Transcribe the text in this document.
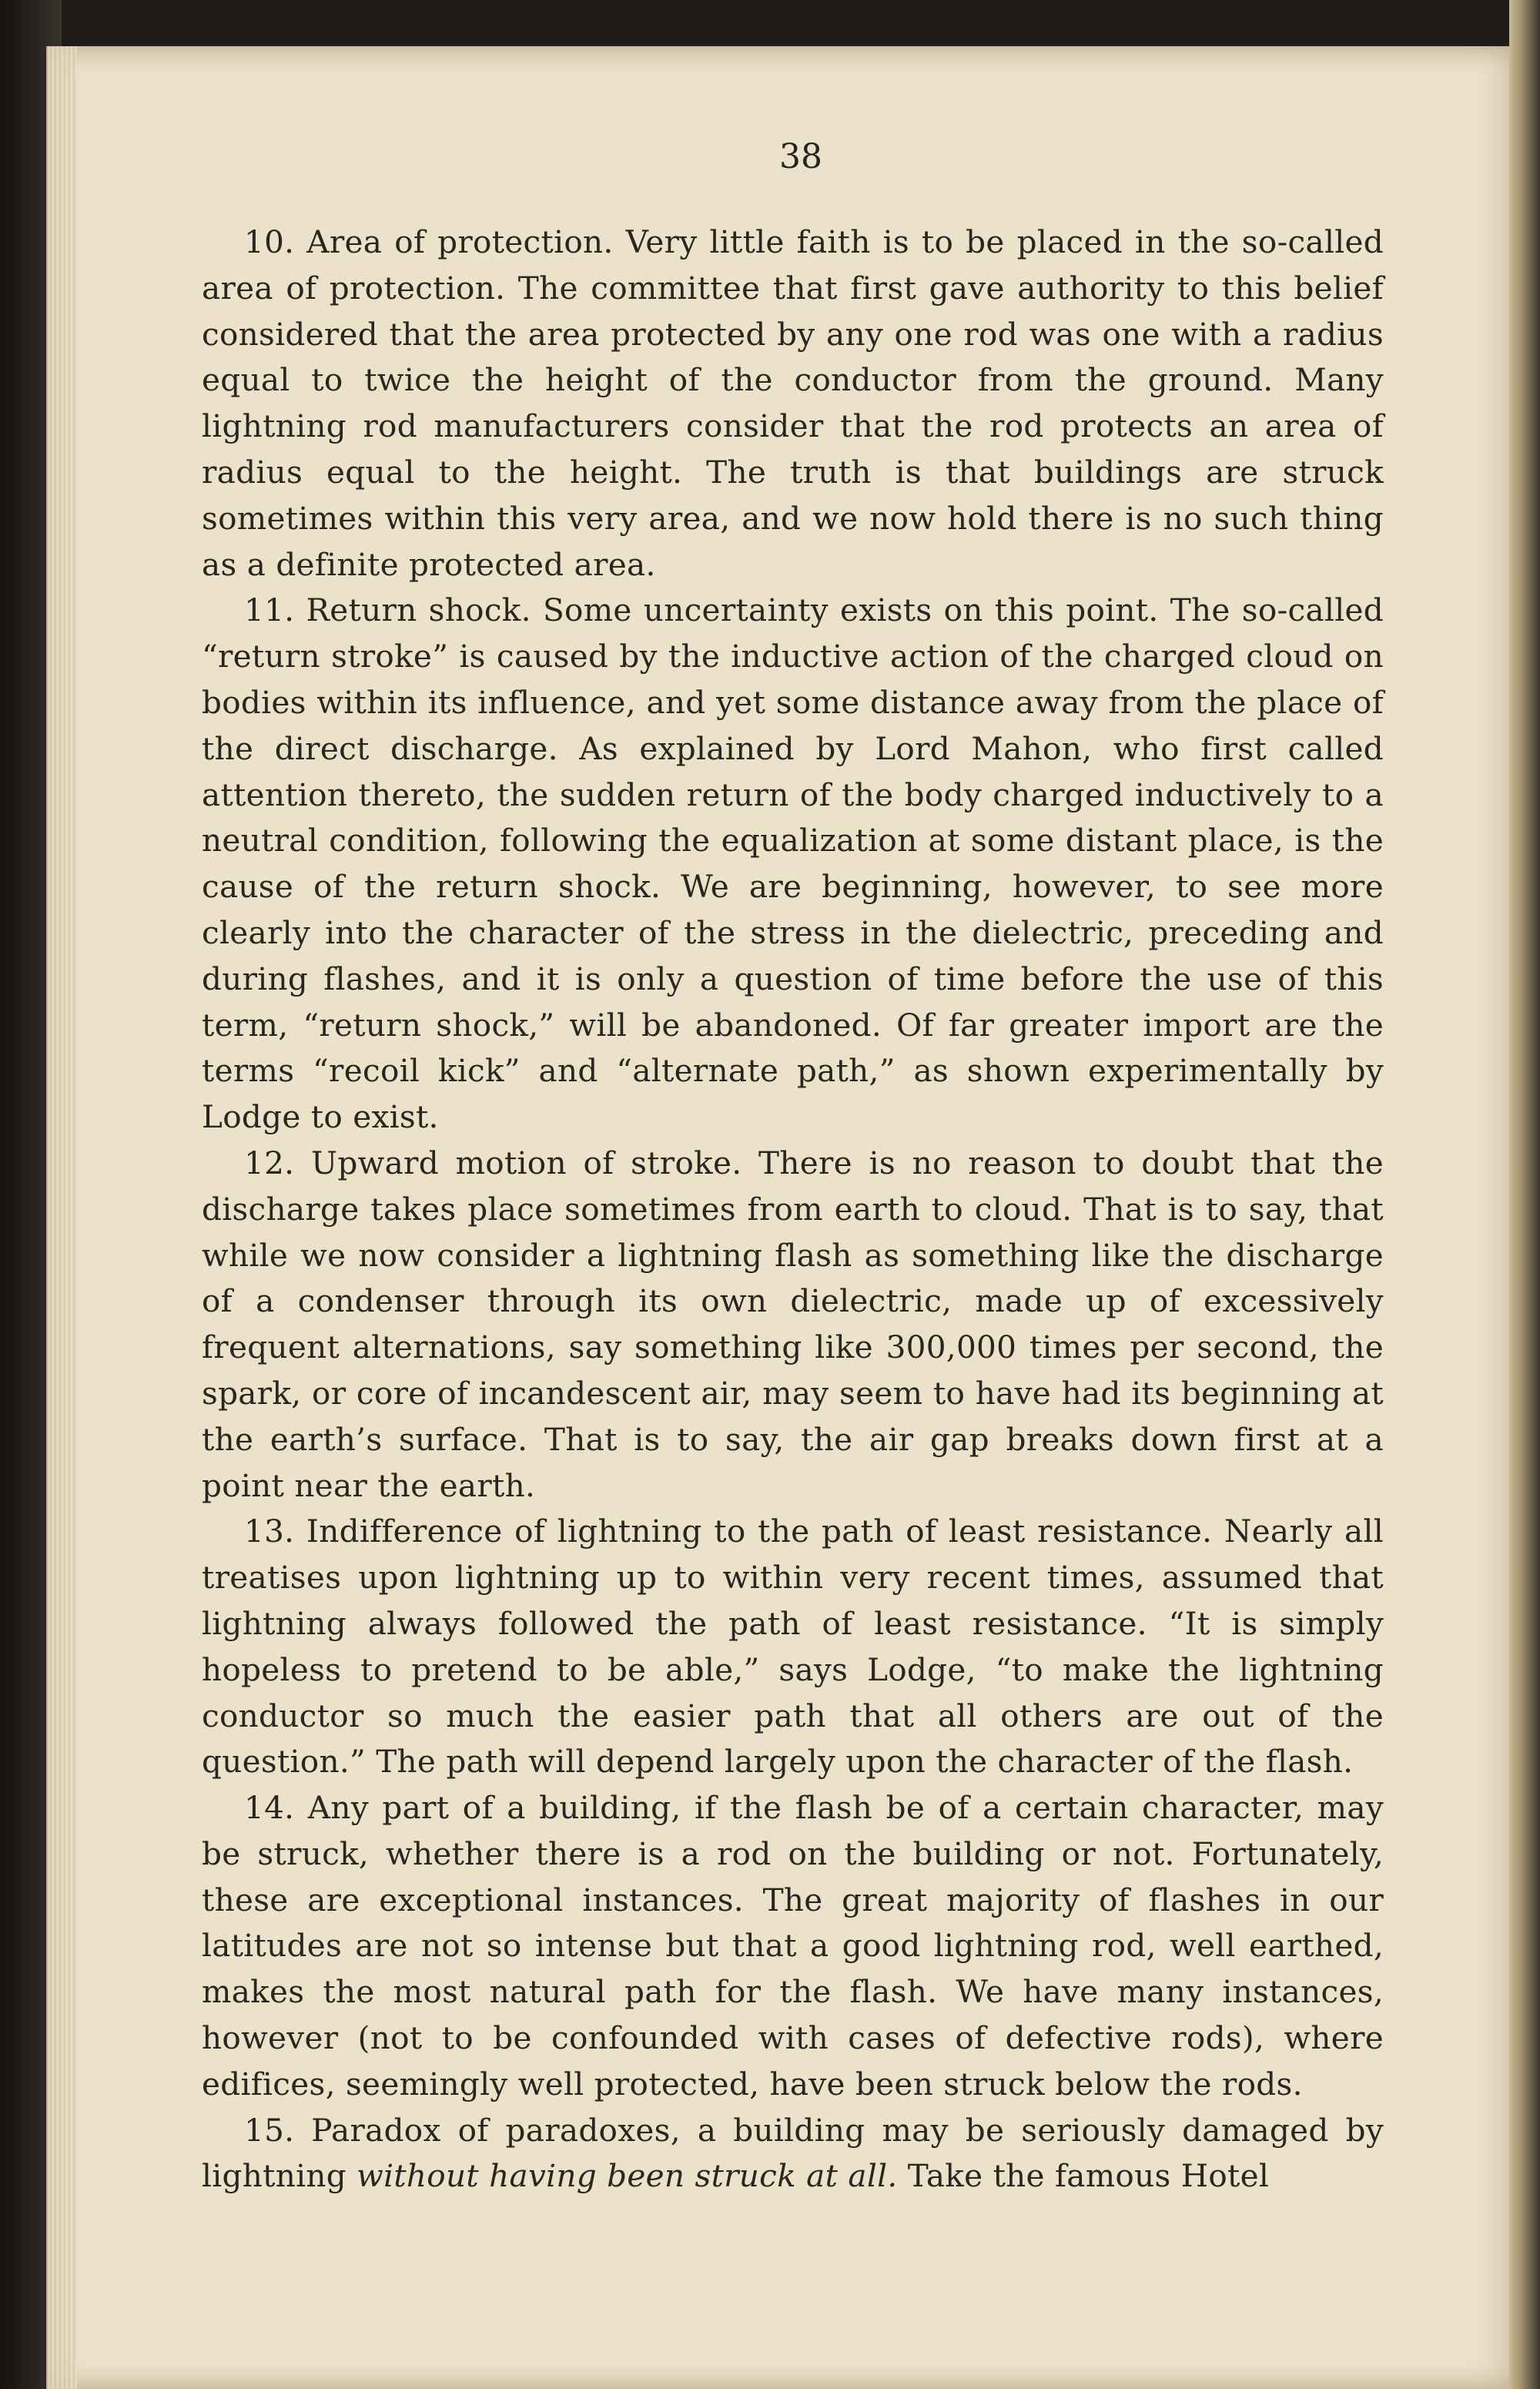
38

10. Area of protection. Very little faith is to be placed in the so-called area of protection. The committee that first gave authority to this belief considered that the area protected by any one rod was one with a radius equal to twice the height of the conductor from the ground. Many lightning rod manufacturers consider that the rod protects an area of radius equal to the height. The truth is that buildings are struck sometimes within this very area, and we now hold there is no such thing as a definite protected area.

11. Return shock. Some uncertainty exists on this point. The so-called “return stroke” is caused by the inductive action of the charged cloud on bodies within its influence, and yet some distance away from the place of the direct discharge. As explained by Lord Mahon, who first called attention thereto, the sudden return of the body charged inductively to a neutral condition, following the equalization at some distant place, is the cause of the return shock. We are beginning, however, to see more clearly into the character of the stress in the dielectric, preceding and during flashes, and it is only a question of time before the use of this term, “return shock,” will be abandoned. Of far greater import are the terms “recoil kick” and “alternate path,” as shown experimentally by Lodge to exist.

12. Upward motion of stroke. There is no reason to doubt that the discharge takes place sometimes from earth to cloud. That is to say, that while we now consider a lightning flash as something like the discharge of a condenser through its own dielectric, made up of excessively frequent alternations, say something like 300,000 times per second, the spark, or core of incandescent air, may seem to have had its beginning at the earth’s surface. That is to say, the air gap breaks down first at a point near the earth.

13. Indifference of lightning to the path of least resistance. Nearly all treatises upon lightning up to within very recent times, assumed that lightning always followed the path of least resistance. “It is simply hopeless to pretend to be able,” says Lodge, “to make the lightning conductor so much the easier path that all others are out of the question.” The path will depend largely upon the character of the flash.

14. Any part of a building, if the flash be of a certain character, may be struck, whether there is a rod on the building or not. Fortunately, these are exceptional instances. The great majority of flashes in our latitudes are not so intense but that a good lightning rod, well earthed, makes the most natural path for the flash. We have many instances, however (not to be confounded with cases of defective rods), where edifices, seemingly well protected, have been struck below the rods.

15. Paradox of paradoxes, a building may be seriously damaged by lightning without having been struck at all. Take the famous Hotel
